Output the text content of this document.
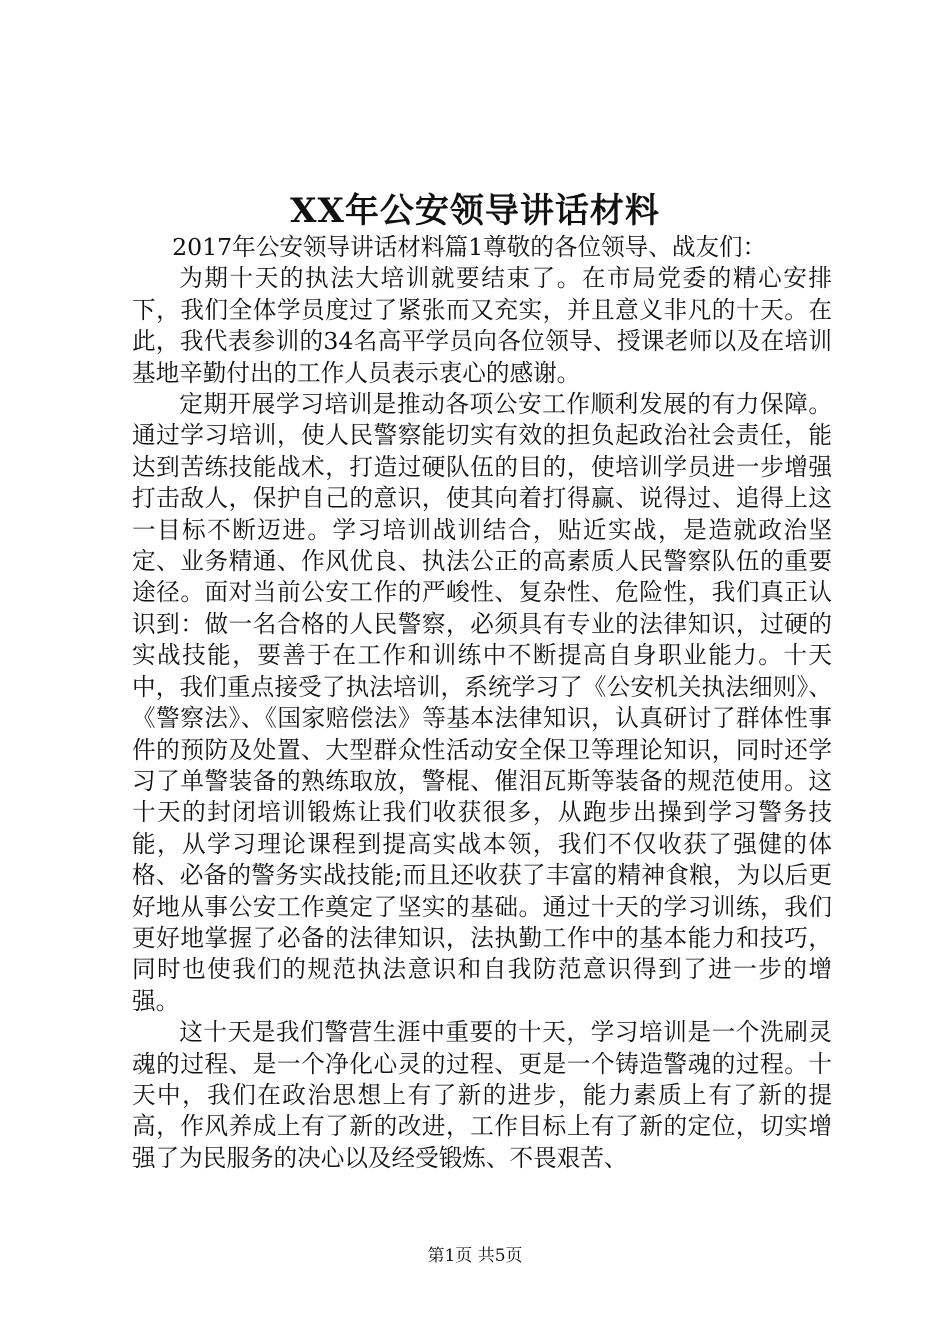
XX年公安领导讲话材料

2017年公安领导讲话材料篇1尊敬的各位领导、战友们：

为期十天的执法大培训就要结束了。在市局党委的精心安排下，我们全体学员度过了紧张而又充实，并且意义非凡的十天。在此，我代表参训的34名高平学员向各位领导、授课老师以及在培训基地辛勤付出的工作人员表示衷心的感谢。

定期开展学习培训是推动各项公安工作顺利发展的有力保障。通过学习培训，使人民警察能切实有效的担负起政治社会责任，能达到苦练技能战术，打造过硬队伍的目的，使培训学员进一步增强打击敌人，保护自己的意识，使其向着打得赢、说得过、追得上这一目标不断迈进。学习培训战训结合，贴近实战，是造就政治坚定、业务精通、作风优良、执法公正的高素质人民警察队伍的重要途径。面对当前公安工作的严峻性、复杂性、危险性，我们真正认识到：做一名合格的人民警察，必须具有专业的法律知识，过硬的实战技能，要善于在工作和训练中不断提高自身职业能力。十天中，我们重点接受了执法培训，系统学习了《公安机关执法细则》、《警察法》、《国家赔偿法》等基本法律知识，认真研讨了群体性事件的预防及处置、大型群众性活动安全保卫等理论知识，同时还学习了单警装备的熟练取放，警棍、催泪瓦斯等装备的规范使用。这十天的封闭培训锻炼让我们收获很多，从跑步出操到学习警务技能，从学习理论课程到提高实战本领，我们不仅收获了强健的体格、必备的警务实战技能;而且还收获了丰富的精神食粮，为以后更好地从事公安工作奠定了坚实的基础。通过十天的学习训练，我们更好地掌握了必备的法律知识，法执勤工作中的基本能力和技巧，同时也使我们的规范执法意识和自我防范意识得到了进一步的增强。

这十天是我们警营生涯中重要的十天，学习培训是一个洗刷灵魂的过程、是一个净化心灵的过程、更是一个铸造警魂的过程。十天中，我们在政治思想上有了新的进步，能力素质上有了新的提高，作风养成上有了新的改进，工作目标上有了新的定位，切实增强了为民服务的决心以及经受锻炼、不畏艰苦、

第1页 共5页
